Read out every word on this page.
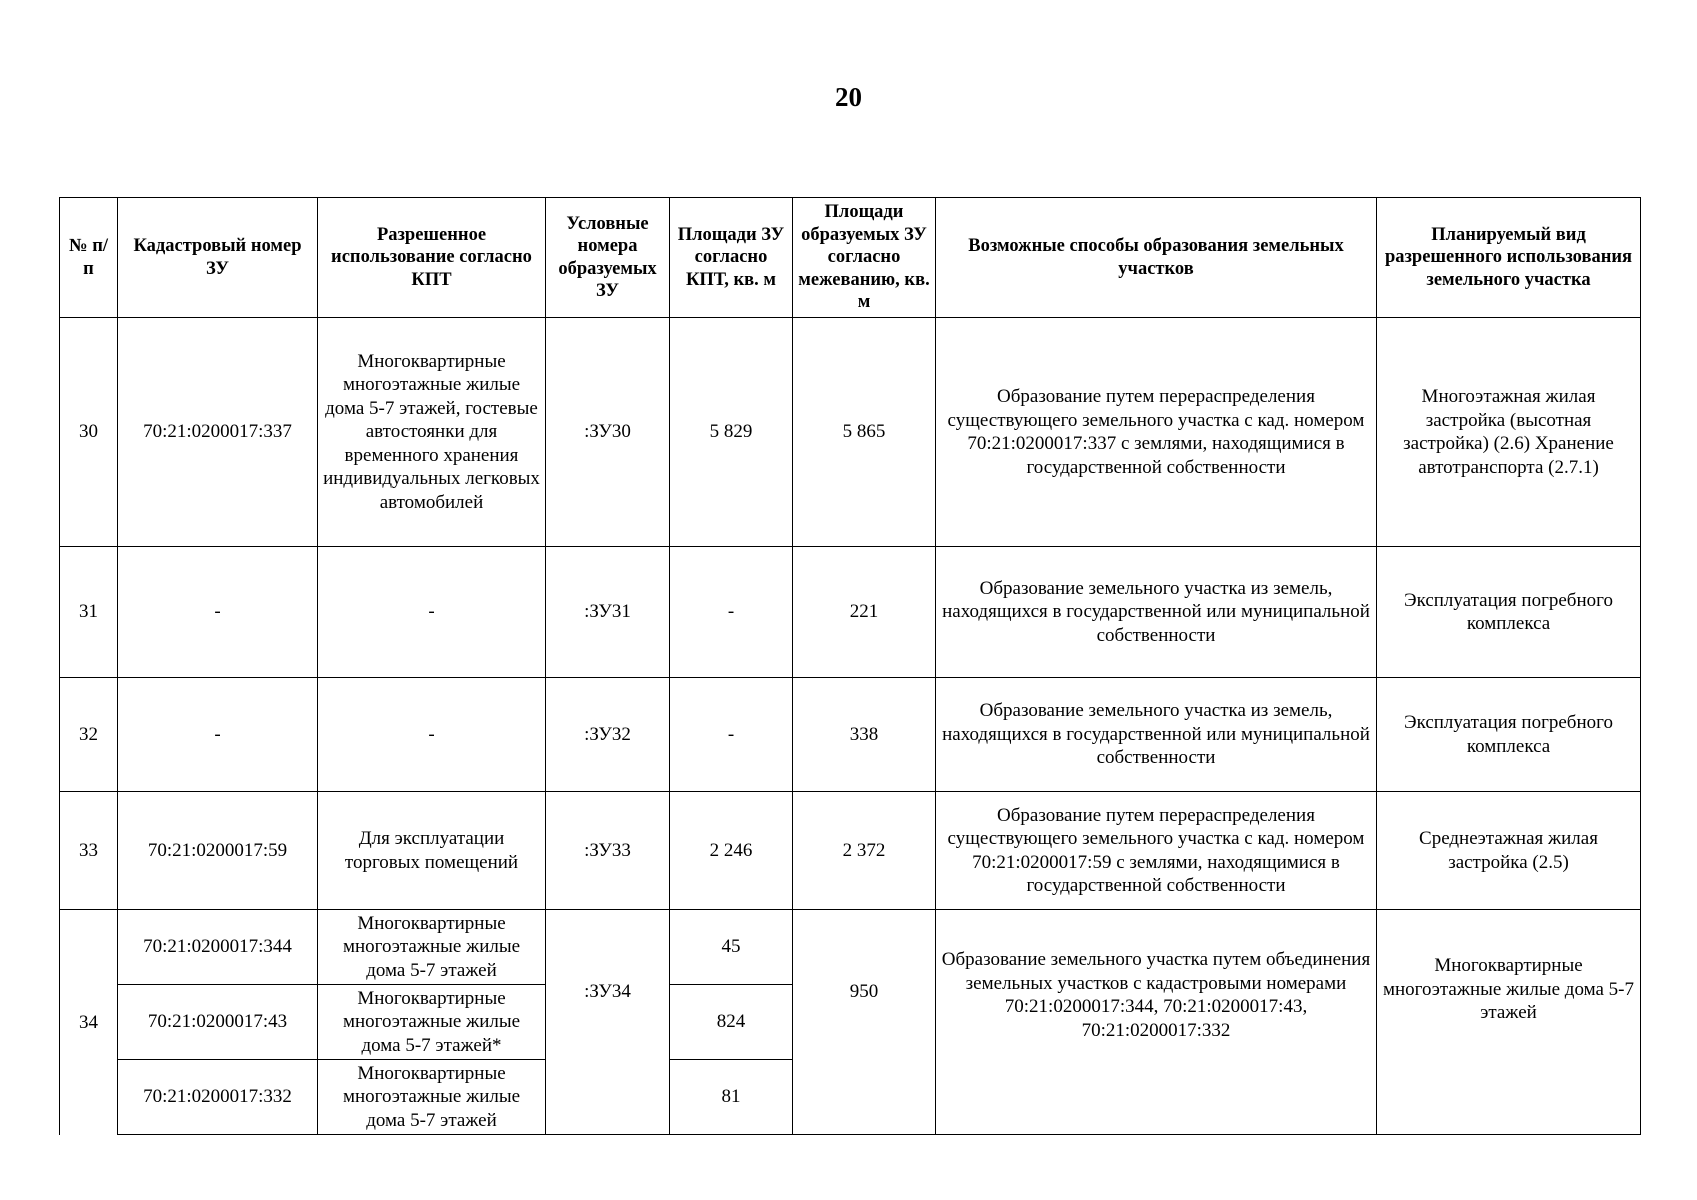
20
№ п/п	Кадастровый номер ЗУ	Разрешенное использование согласно КПТ	Условные номера образуемых ЗУ	Площади ЗУ согласно КПТ, кв. м	Площади образуемых ЗУ согласно межеванию, кв. м	Возможные способы образования земельных участков	Планируемый вид разрешенного использования земельного участка
30	70:21:0200017:337	Многоквартирные многоэтажные жилые дома 5-7 этажей, гостевые автостоянки для временного хранения индивидуальных легковых автомобилей	:ЗУ30	5 829	5 865	Образование путем перераспределения существующего земельного участка с кад. номером 70:21:0200017:337 с землями, находящимися в государственной собственности	Многоэтажная жилая застройка (высотная застройка) (2.6) Хранение автотранспорта (2.7.1)
31	-	-	:ЗУ31	-	221	Образование земельного участка из земель, находящихся в государственной или муниципальной собственности	Эксплуатация погребного комплекса
32	-	-	:ЗУ32	-	338	Образование земельного участка из земель, находящихся в государственной или муниципальной собственности	Эксплуатация погребного комплекса
33	70:21:0200017:59	Для эксплуатации торговых помещений	:ЗУ33	2 246	2 372	Образование путем перераспределения существующего земельного участка с кад. номером 70:21:0200017:59 с землями, находящимися в государственной собственности	Среднеэтажная жилая застройка (2.5)
34	70:21:0200017:344	Многоквартирные многоэтажные жилые дома 5-7 этажей	:ЗУ34	45	950	Образование земельного участка путем объединения земельных участков с кадастровыми номерами 70:21:0200017:344, 70:21:0200017:43, 70:21:0200017:332	Многоквартирные многоэтажные жилые дома 5-7 этажей
	70:21:0200017:43	Многоквартирные многоэтажные жилые дома 5-7 этажей*		824			
	70:21:0200017:332	Многоквартирные многоэтажные жилые дома 5-7 этажей		81			
